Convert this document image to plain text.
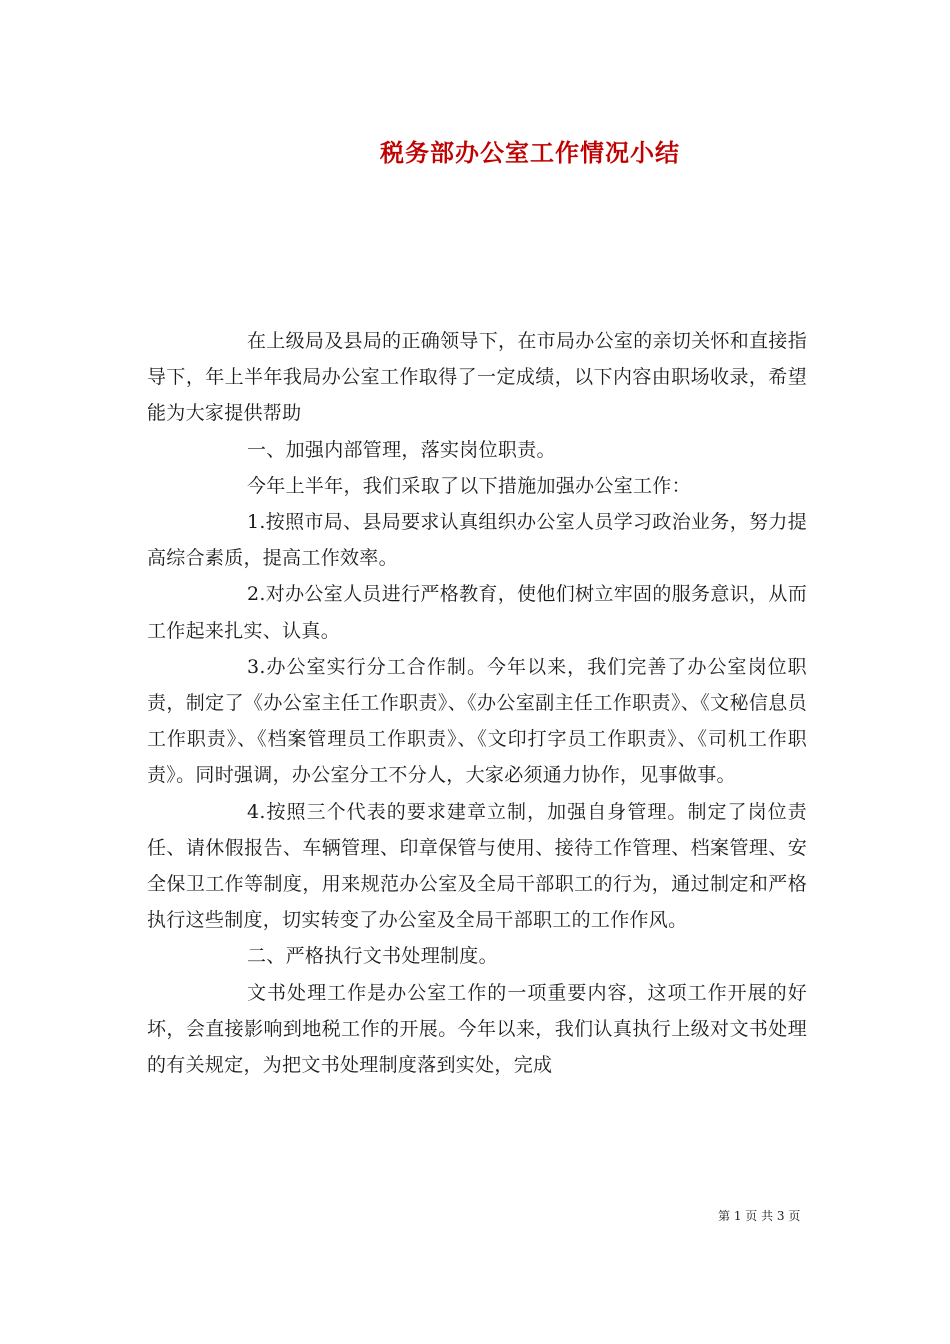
税务部办公室工作情况小结

在上级局及县局的正确领导下，在市局办公室的亲切关怀和直接指导下，年上半年我局办公室工作取得了一定成绩，以下内容由职场收录，希望能为大家提供帮助

一、加强内部管理，落实岗位职责。

今年上半年，我们采取了以下措施加强办公室工作：

1.按照市局、县局要求认真组织办公室人员学习政治业务，努力提高综合素质，提高工作效率。

2.对办公室人员进行严格教育，使他们树立牢固的服务意识，从而工作起来扎实、认真。

3.办公室实行分工合作制。今年以来，我们完善了办公室岗位职责，制定了《办公室主任工作职责》、《办公室副主任工作职责》、《文秘信息员工作职责》、《档案管理员工作职责》、《文印打字员工作职责》、《司机工作职责》。同时强调，办公室分工不分人，大家必须通力协作，见事做事。

4.按照三个代表的要求建章立制，加强自身管理。制定了岗位责任、请休假报告、车辆管理、印章保管与使用、接待工作管理、档案管理、安全保卫工作等制度，用来规范办公室及全局干部职工的行为，通过制定和严格执行这些制度，切实转变了办公室及全局干部职工的工作作风。

二、严格执行文书处理制度。

文书处理工作是办公室工作的一项重要内容，这项工作开展的好坏，会直接影响到地税工作的开展。今年以来，我们认真执行上级对文书处理的有关规定，为把文书处理制度落到实处，完成

第 1 页 共 3 页
